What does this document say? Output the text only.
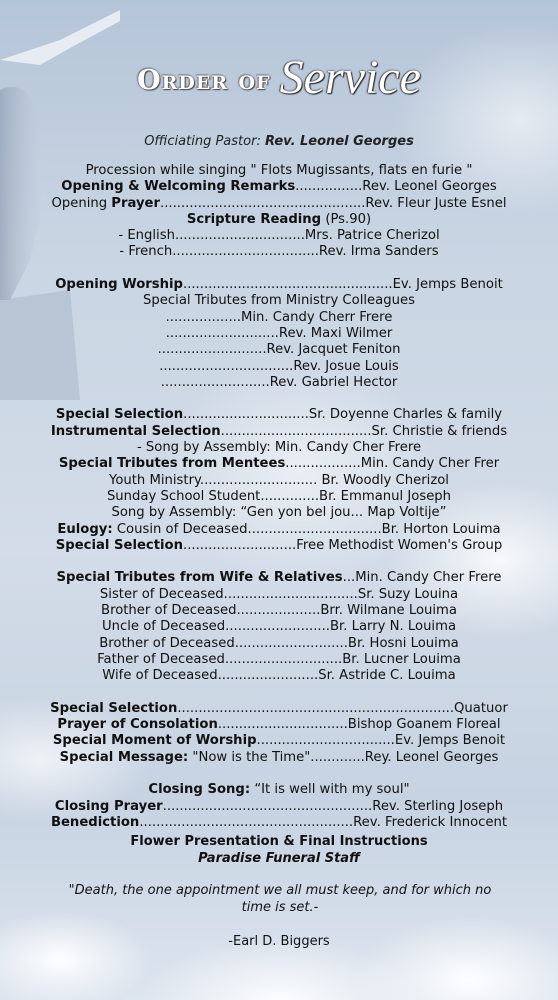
Order of Service
Officiating Pastor: Rev. Leonel Georges
Procession while singing " Flots Mugissants, flats en furie "
Opening & Welcoming Remarks................Rev. Leonel Georges
Opening Prayer.................................................Rev. Fleur Juste Esnel
Scripture Reading (Ps.90)
- English...............................Mrs. Patrice Cherizol
- French...................................Rev. Irma Sanders
Opening Worship..................................................Ev. Jemps Benoit
Special Tributes from Ministry Colleagues
..................Min. Candy Cherr Frere
...........................Rev. Maxi Wilmer
..........................Rev. Jacquet Feniton
................................Rev. Josue Louis
..........................Rev. Gabriel Hector
Special Selection..............................Sr. Doyenne Charles & family
Instrumental Selection....................................Sr. Christie & friends
- Song by Assembly: Min. Candy Cher Frere
Special Tributes from Mentees..................Min. Candy Cher Frer
Youth Ministry............................ Br. Woodly Cherizol
Sunday School Student..............Br. Emmanul Joseph
Song by Assembly: “Gen yon bel jou... Map Voltije”
Eulogy: Cousin of Deceased................................Br. Horton Louima
Special Selection...........................Free Methodist Women's Group
Special Tributes from Wife & Relatives...Min. Candy Cher Frere
Sister of Deceased................................Sr. Suzy Louina
Brother of Deceased....................Brr. Wilmane Louima
Uncle of Deceased.........................Br. Larry N. Louima
Brother of Deceased...........................Br. Hosni Louima
Father of Deceased............................Br. Lucner Louima
Wife of Deceased........................Sr. Astride C. Louima
Special Selection..................................................................Quatuor
Prayer of Consolation...............................Bishop Goanem Floreal
Special Moment of Worship.................................Ev. Jemps Benoit
Special Message: "Now is the Time".............Rey. Leonel Georges
Closing Song: “It is well with my soul"
Closing Prayer..................................................Rev. Sterling Joseph
Benediction...................................................Rev. Frederick Innocent
Flower Presentation & Final Instructions
Paradise Funeral Staff
"Death, the one appointment we all must keep, and for which no time is set.-
-Earl D. Biggers
